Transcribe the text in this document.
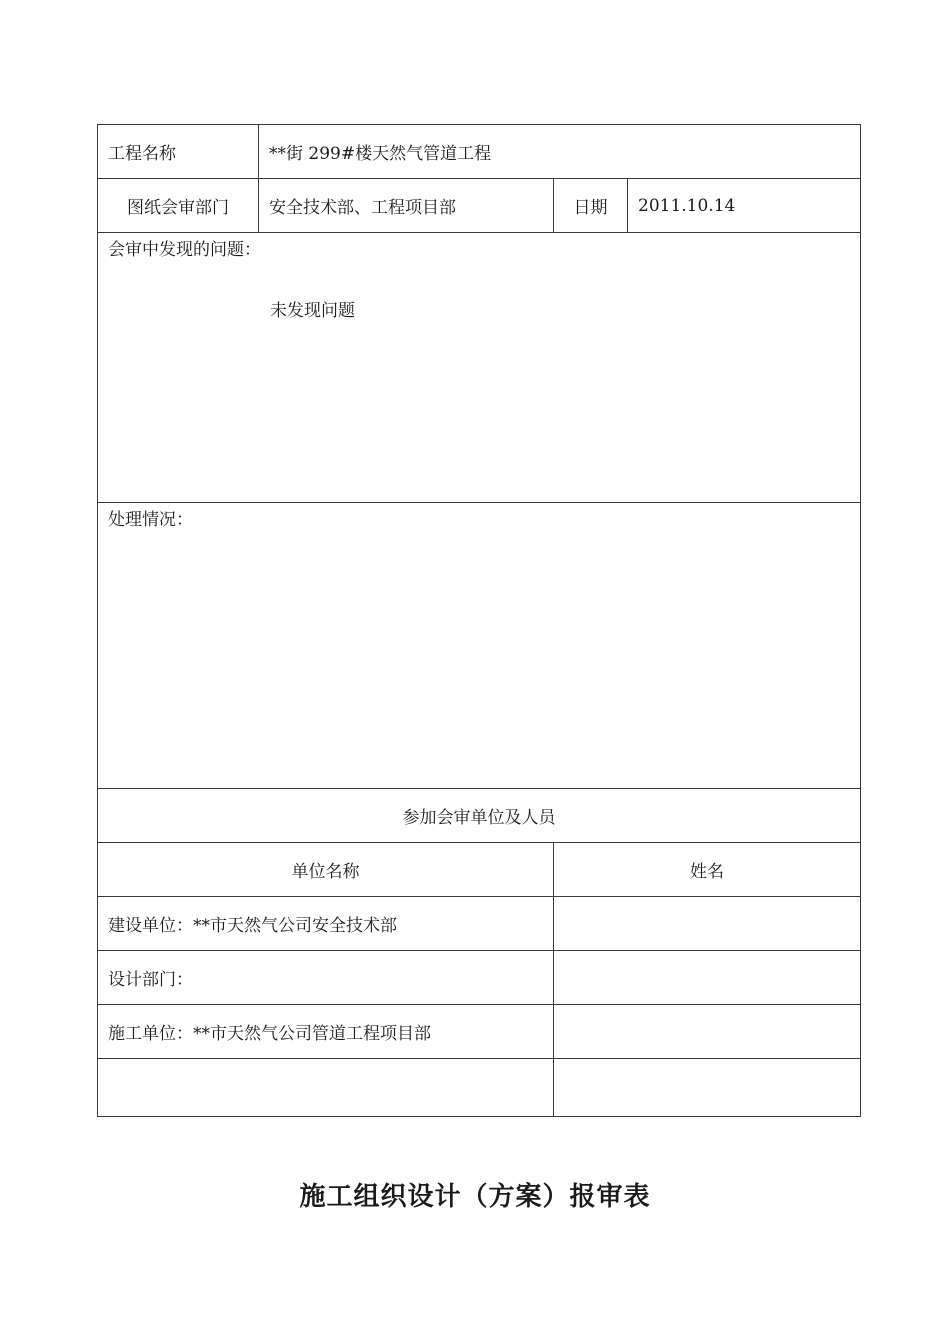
工程名称	**街 299#楼天然气管道工程		
图纸会审部门	安全技术部、工程项目部	日期	2011.10.14

会审中发现的问题：
未发现问题			

处理情况：			

参加会审单位及人员			
单位名称		姓名	
建设单位：**市天然气公司安全技术部			
设计部门：			
施工单位：**市天然气公司管道工程项目部			

施工组织设计（方案）报审表
